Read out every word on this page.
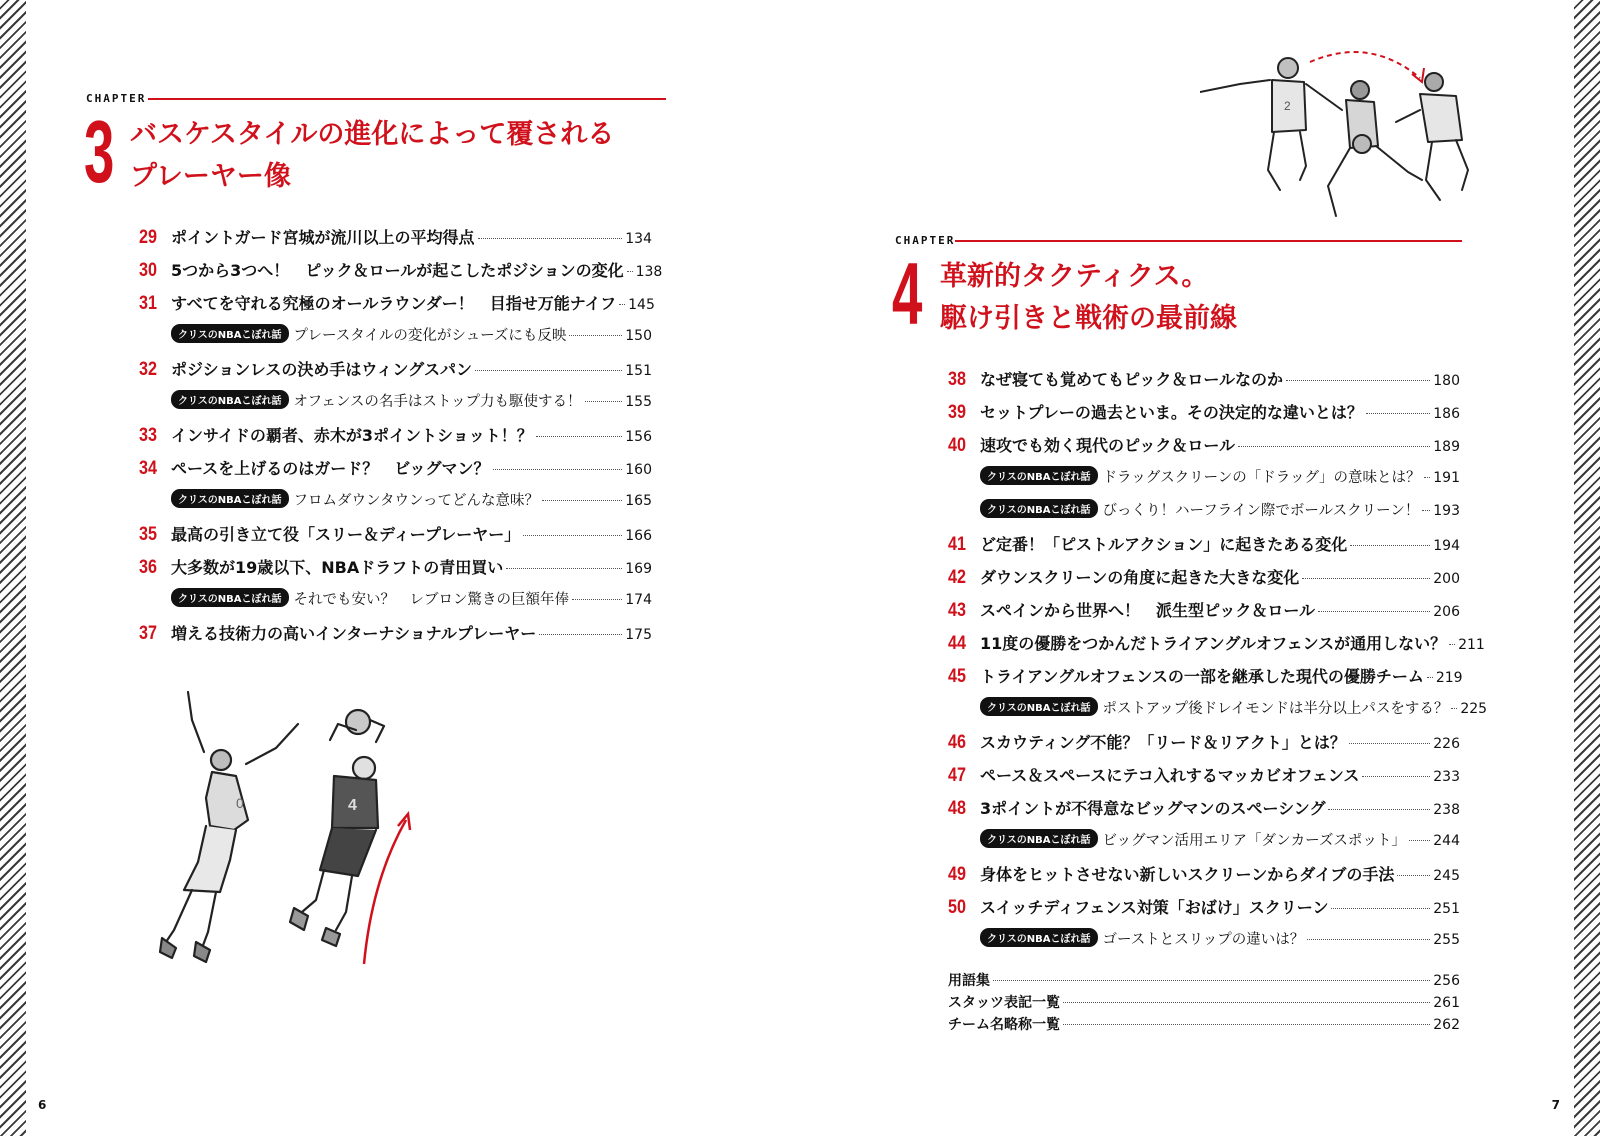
CHAPTER
3 バスケスタイルの進化によって覆される
プレーヤー像
29 ポイントガード宮城が流川以上の平均得点	134
30 5つから3つへ！　ピック＆ロールが起こしたポジションの変化 138
31 すべてを守れる究極のオールラウンダー！　目指せ万能ナイフ 145
クリスのNBAこぼれ話 プレースタイルの変化がシューズにも反映	150
32 ポジションレスの決め手はウィングスパン	151
クリスのNBAこぼれ話 オフェンスの名手はストップ力も駆使する！	155
33 インサイドの覇者、赤木が3ポイントショット！？	156
34 ペースを上げるのはガード？　ビッグマン？	160
クリスのNBAこぼれ話 フロムダウンタウンってどんな意味？	165
35 最高の引き立て役「スリー＆ディープレーヤー」	166
36 大多数が19歳以下、NBAドラフトの青田買い	169
クリスのNBAこぼれ話 それでも安い？　レブロン驚きの巨額年俸	174
37 増える技術力の高いインターナショナルプレーヤー	175
4
0
6
2
CHAPTER
4 革新的タクティクス。
駆け引きと戦術の最前線
38 なぜ寝ても覚めてもピック＆ロールなのか	180
39 セットプレーの過去といま。その決定的な違いとは？	186
40 速攻でも効く現代のピック＆ロール	189
クリスのNBAこぼれ話 ドラッグスクリーンの「ドラッグ」の意味とは？ 191
クリスのNBAこぼれ話 びっくり！ハーフライン際でボールスクリーン！ 193
41 ど定番！「ピストルアクション」に起きたある変化	194
42 ダウンスクリーンの角度に起きた大きな変化	200
43 スペインから世界へ！　派生型ピック＆ロール	206
44 11度の優勝をつかんだトライアングルオフェンスが通用しない？ 211
45 トライアングルオフェンスの一部を継承した現代の優勝チーム 219
クリスのNBAこぼれ話 ポストアップ後ドレイモンドは半分以上パスをする？ 225
46 スカウティング不能？「リード＆リアクト」とは？	226
47 ペース＆スペースにテコ入れするマッカビオフェンス	233
48 3ポイントが不得意なビッグマンのスペーシング	238
クリスのNBAこぼれ話 ビッグマン活用エリア「ダンカーズスポット」 244
49 身体をヒットさせない新しいスクリーンからダイブの手法	245
50 スイッチディフェンス対策「おばけ」スクリーン	251
クリスのNBAこぼれ話 ゴーストとスリップの違いは？	255
用語集	256
スタッツ表記一覧	261
チーム名略称一覧	262
7
